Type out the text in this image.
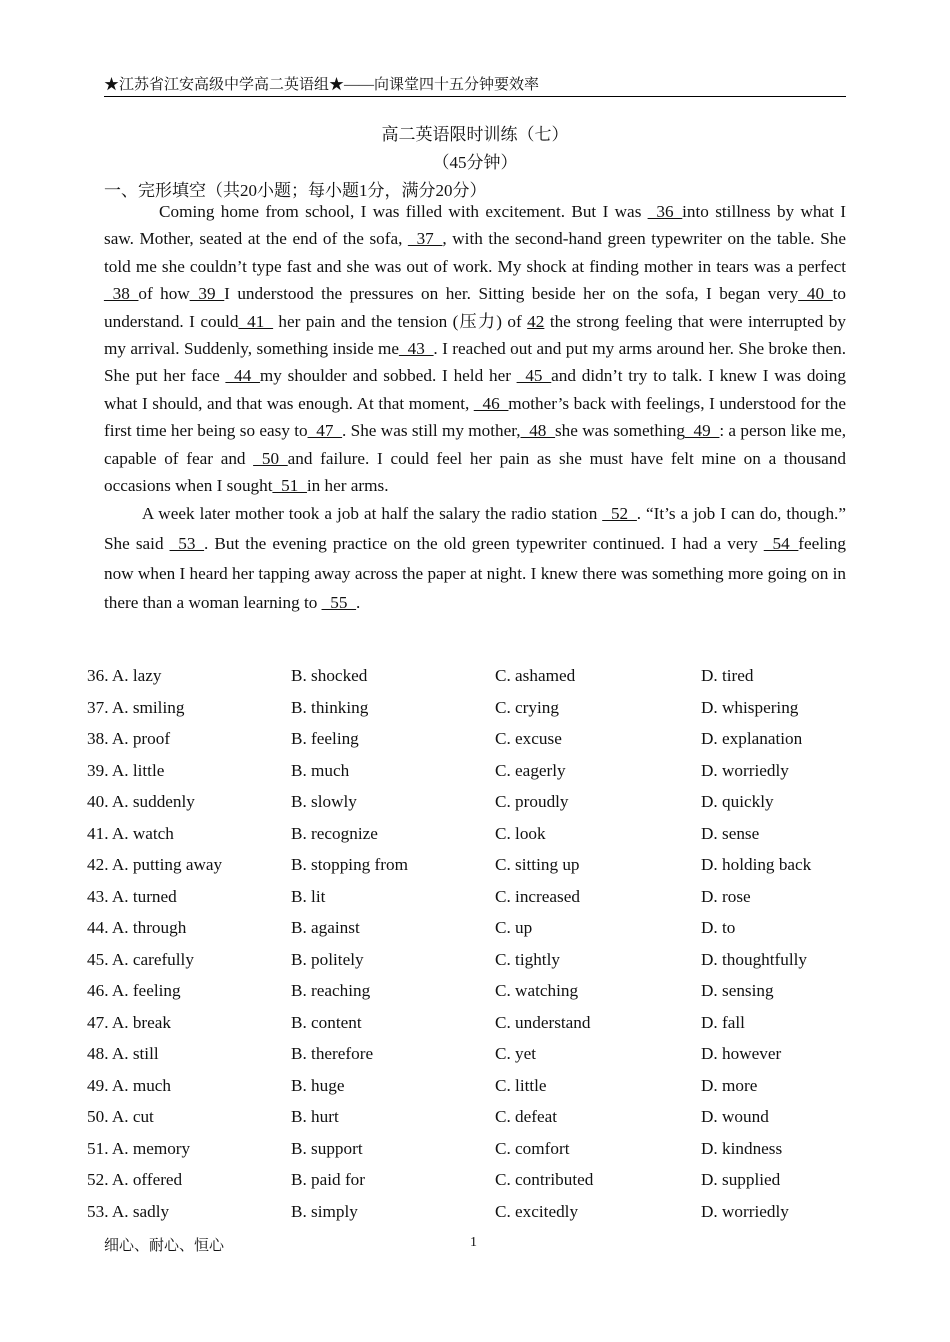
★江苏省江安高级中学高二英语组★——向课堂四十五分钟要效率
高二英语限时训练（七）
（45分钟）
一、完形填空（共20小题；每小题1分，满分20分）

Coming home from school, I was filled with excitement. But I was _36_into stillness by what I saw. Mother, seated at the end of the sofa, _37_, with the second-hand green typewriter on the table. She told me she couldn’t type fast and she was out of work. My shock at finding mother in tears was a perfect _38_of how_39_I understood the pressures on her. Sitting beside her on the sofa, I began very_40_to understand. I could_41_ her pain and the tension (压力) of 42 the strong feeling that were interrupted by my arrival. Suddenly, something inside me_43_. I reached out and put my arms around her. She broke then. She put her face _44_my shoulder and sobbed. I held her _45_and didn’t try to talk. I knew I was doing what I should, and that was enough. At that moment, _46_mother’s back with feelings, I understood for the first time her being so easy to_47_. She was still my mother,_48_she was something_49_: a person like me, capable of fear and _50_and failure. I could feel her pain as she must have felt mine on a thousand occasions when I sought_51_in her arms.

A week later mother took a job at half the salary the radio station _52_. “It’s a job I can do, though.” She said _53_. But the evening practice on the old green typewriter continued. I had a very _54_feeling now when I heard her tapping away across the paper at night. I knew there was something more going on in there than a woman learning to _55_.

36. A. lazy	B. shocked	C. ashamed	D. tired
37. A. smiling	B. thinking	C. crying	D. whispering
38. A. proof	B. feeling	C. excuse	D. explanation
39. A. little	B. much	C. eagerly	D. worriedly
40. A. suddenly	B. slowly	C. proudly	D. quickly
41. A. watch	B. recognize	C. look	D. sense
42. A. putting away	B. stopping from	C. sitting up	D. holding back
43. A. turned	B. lit	C. increased	D. rose
44. A. through	B. against	C. up	D. to
45. A. carefully	B. politely	C. tightly	D. thoughtfully
46. A. feeling	B. reaching	C. watching	D. sensing
47. A. break	B. content	C. understand	D. fall
48. A. still	B. therefore	C. yet	D. however
49. A. much	B. huge	C. little	D. more
50. A. cut	B. hurt	C. defeat	D. wound
51. A. memory	B. support	C. comfort	D. kindness
52. A. offered	B. paid for	C. contributed	D. supplied
53. A. sadly	B. simply	C. excitedly	D. worriedly
细心、耐心、恒心	1
